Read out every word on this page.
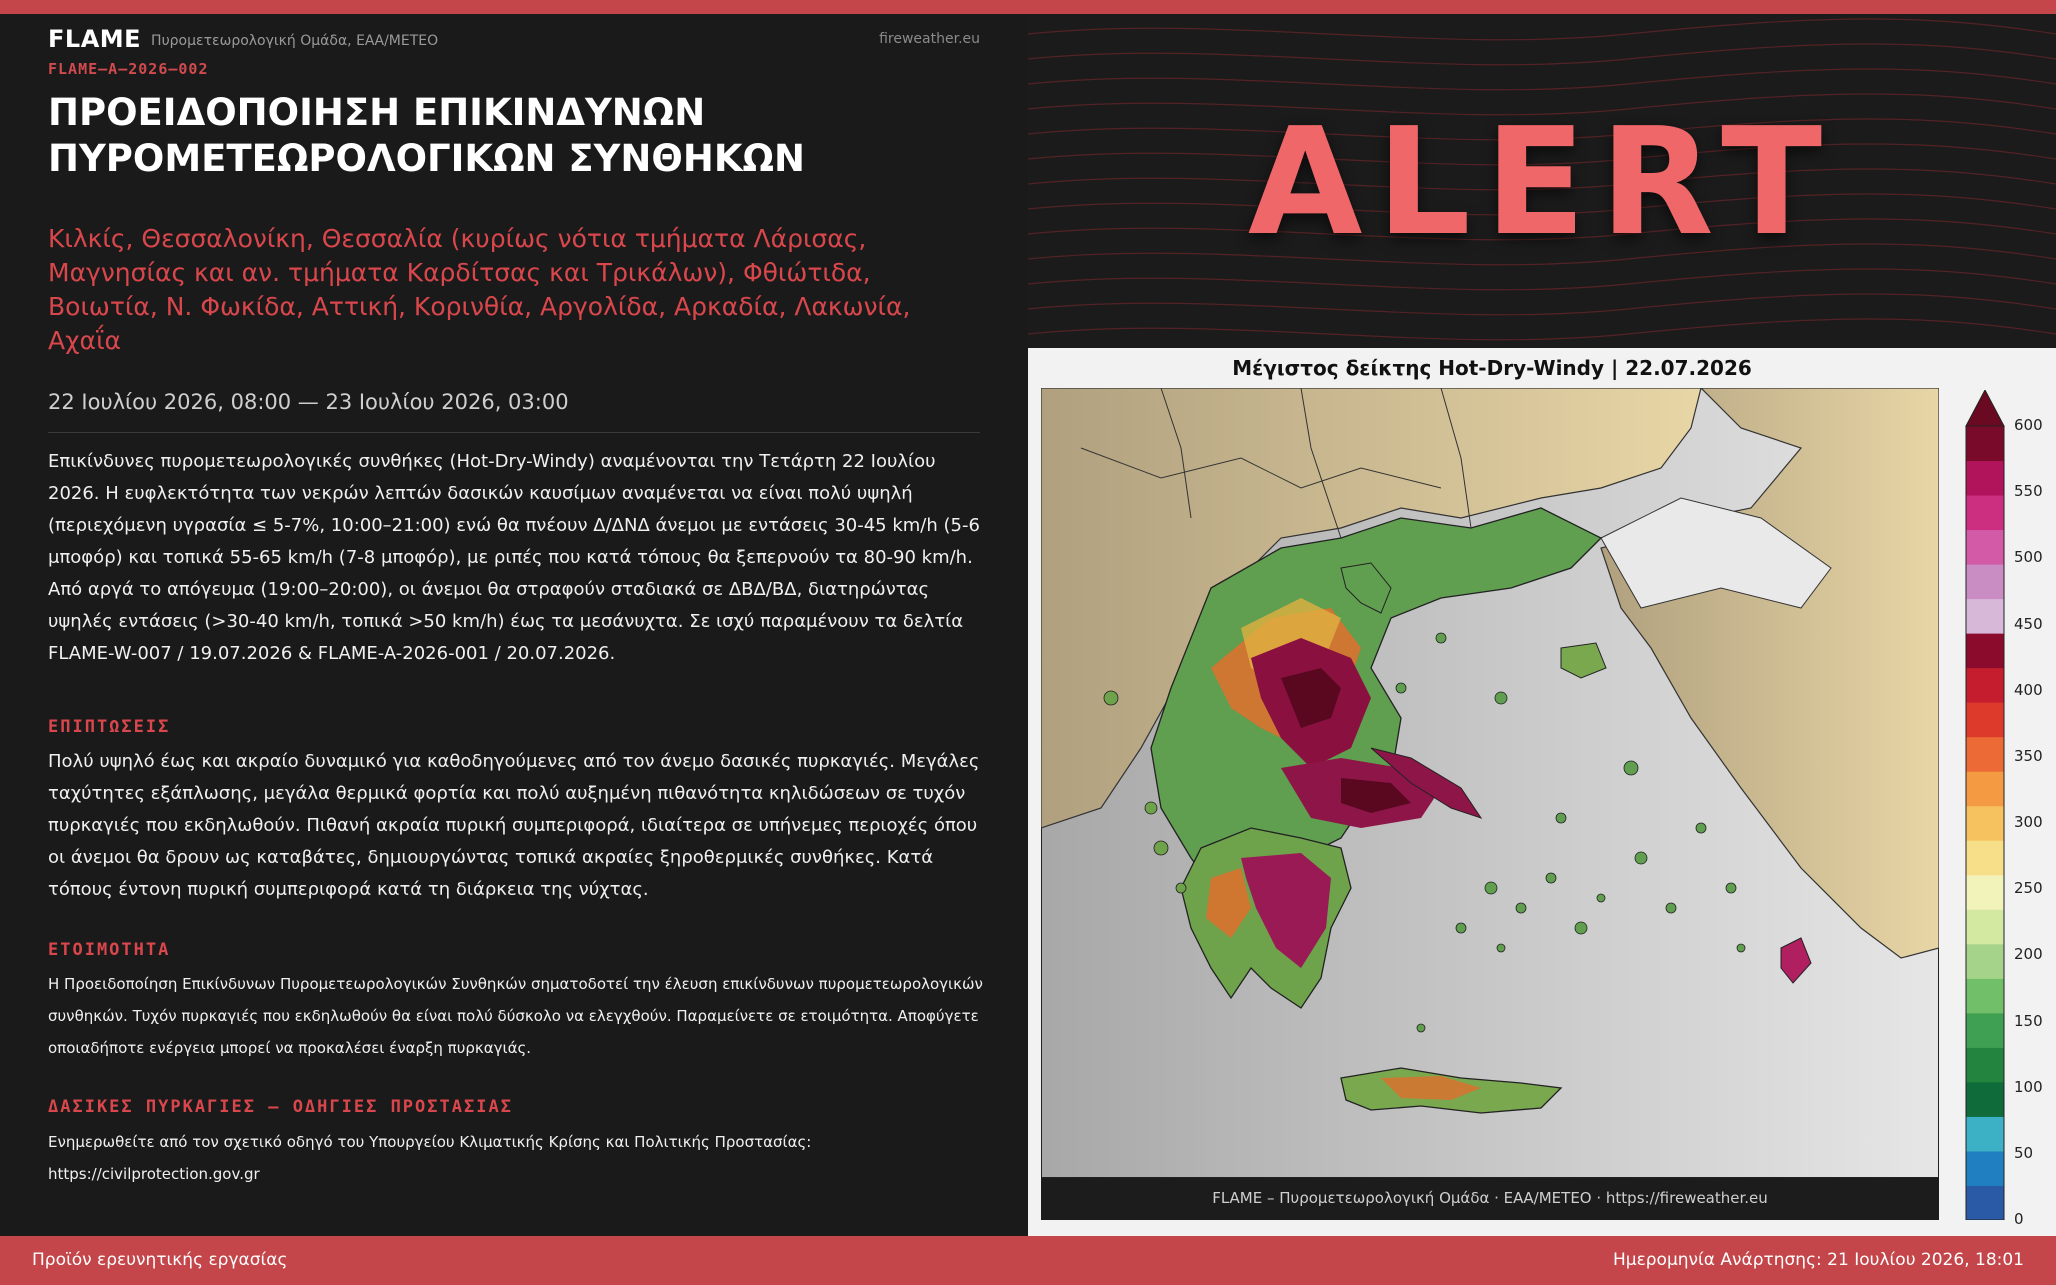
FLAME Πυρομετεωρολογική Ομάδα, ΕΑΑ/ΜΕΤΕΟ	fireweather.eu
FLAME–A–2026–002
ΠΡΟΕΙΔΟΠΟΙΗΣΗ ΕΠΙΚΙΝΔΥΝΩΝ ΠΥΡΟΜΕΤΕΩΡΟΛΟΓΙΚΩΝ ΣΥΝΘΗΚΩΝ
Κιλκίς, Θεσσαλονίκη, Θεσσαλία (κυρίως νότια τμήματα Λάρισας, Μαγνησίας και αν. τμήματα Καρδίτσας και Τρικάλων), Φθιώτιδα, Βοιωτία, Ν. Φωκίδα, Αττική, Κορινθία, Αργολίδα, Αρκαδία, Λακωνία, Αχαΐα
22 Ιουλίου 2026, 08:00 — 23 Ιουλίου 2026, 03:00
Επικίνδυνες πυρομετεωρολογικές συνθήκες (Hot-Dry-Windy) αναμένονται την Τετάρτη 22 Ιουλίου 2026. Η ευφλεκτότητα των νεκρών λεπτών δασικών καυσίμων αναμένεται να είναι πολύ υψηλή (περιεχόμενη υγρασία ≤ 5-7%, 10:00–21:00) ενώ θα πνέουν Δ/ΔΝΔ άνεμοι με εντάσεις 30-45 km/h (5-6 μποφόρ) και τοπικά 55-65 km/h (7-8 μποφόρ), με ριπές που κατά τόπους θα ξεπερνούν τα 80-90 km/h. Από αργά το απόγευμα (19:00–20:00), οι άνεμοι θα στραφούν σταδιακά σε ΔΒΔ/ΒΔ, διατηρώντας υψηλές εντάσεις (>30-40 km/h, τοπικά >50 km/h) έως τα μεσάνυχτα. Σε ισχύ παραμένουν τα δελτία FLAME-W-007 / 19.07.2026 & FLAME-A-2026-001 / 20.07.2026.
ΕΠΙΠΤΩΣΕΙΣ
Πολύ υψηλό έως και ακραίο δυναμικό για καθοδηγούμενες από τον άνεμο δασικές πυρκαγιές. Μεγάλες ταχύτητες εξάπλωσης, μεγάλα θερμικά φορτία και πολύ αυξημένη πιθανότητα κηλιδώσεων σε τυχόν πυρκαγιές που εκδηλωθούν. Πιθανή ακραία πυρική συμπεριφορά, ιδιαίτερα σε υπήνεμες περιοχές όπου οι άνεμοι θα δρουν ως καταβάτες, δημιουργώντας τοπικά ακραίες ξηροθερμικές συνθήκες. Κατά τόπους έντονη πυρική συμπεριφορά κατά τη διάρκεια της νύχτας.
ΕΤΟΙΜΟΤΗΤΑ
Η Προειδοποίηση Επικίνδυνων Πυρομετεωρολογικών Συνθηκών σηματοδοτεί την έλευση επικίνδυνων πυρομετεωρολογικών συνθηκών. Τυχόν πυρκαγιές που εκδηλωθούν θα είναι πολύ δύσκολο να ελεγχθούν. Παραμείνετε σε ετοιμότητα. Αποφύγετε οποιαδήποτε ενέργεια μπορεί να προκαλέσει έναρξη πυρκαγιάς.
ΔΑΣΙΚΕΣ ΠΥΡΚΑΓΙΕΣ – ΟΔΗΓΙΕΣ ΠΡΟΣΤΑΣΙΑΣ
Ενημερωθείτε από τον σχετικό οδηγό του Υπουργείου Κλιματικής Κρίσης και Πολιτικής Προστασίας:
https://civilprotection.gov.gr
ALERT
Μέγιστος δείκτης Hot-Dry-Windy | 22.07.2026
FLAME – Πυρομετεωρολογική Ομάδα · ΕΑΑ/ΜΕΤΕΟ · https://fireweather.eu
600
550
500
450
400
350
300
250
200
150
100
50
0
Προϊόν ερευνητικής εργασίας	Ημερομηνία Ανάρτησης: 21 Ιουλίου 2026, 18:01
